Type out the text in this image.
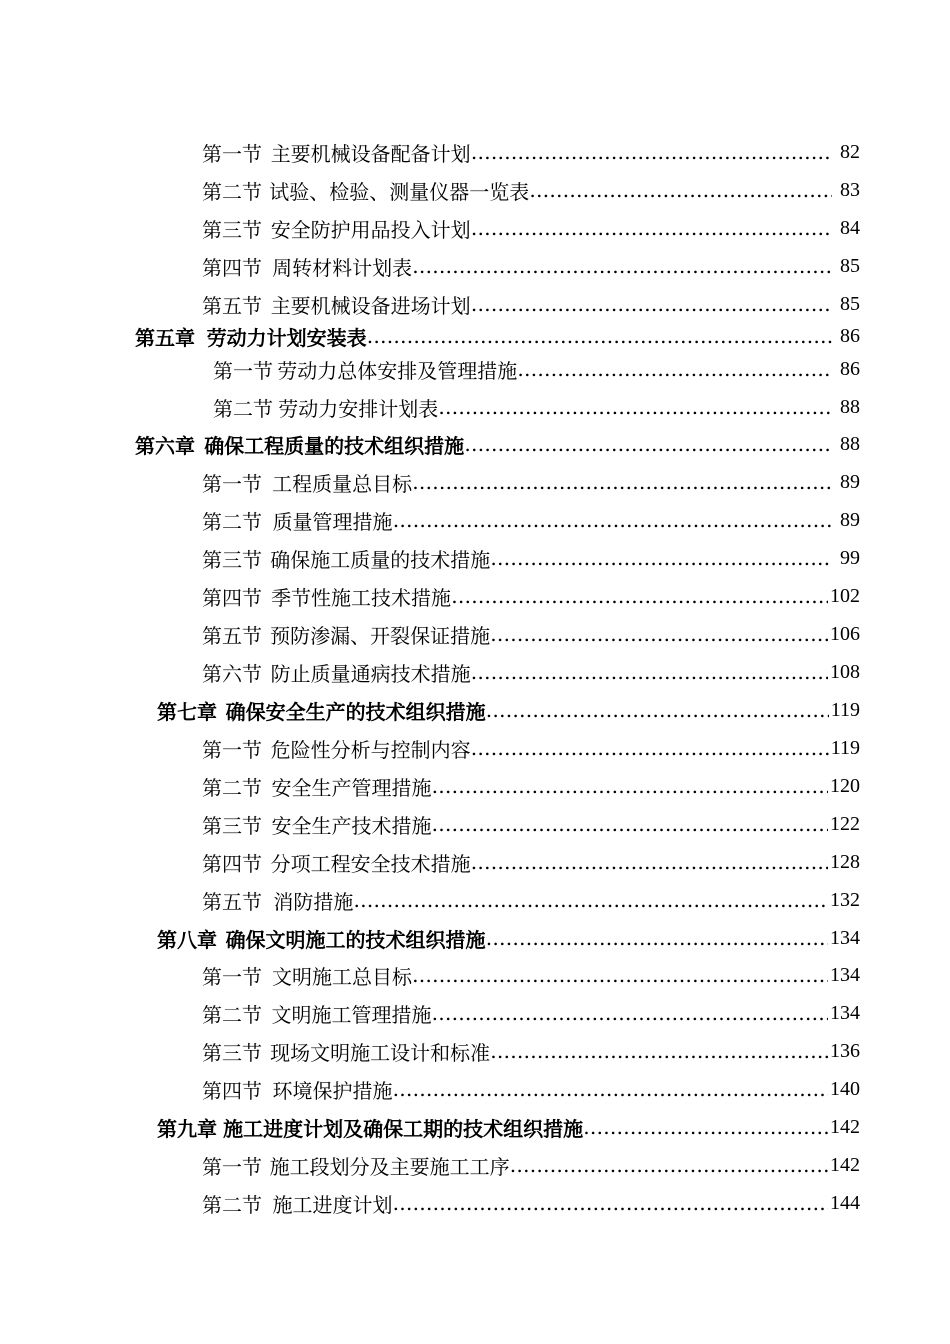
第一节 主要机械设备配备计划 …………………………………………………………………………………………………………………………………………	82
第二节 试验、检验、测量仪器一览表 …………………………………………………………………………………………………………………………………………	83
第三节 安全防护用品投入计划 …………………………………………………………………………………………………………………………………………	84
第四节 周转材料计划表 …………………………………………………………………………………………………………………………………………	85
第五节 主要机械设备进场计划 …………………………………………………………………………………………………………………………………………	85
第五章 劳动力计划安装表 …………………………………………………………………………………………………………………………………………	86
第一节 劳动力总体安排及管理措施 …………………………………………………………………………………………………………………………………………	86
第二节 劳动力安排计划表 …………………………………………………………………………………………………………………………………………	88
第六章 确保工程质量的技术组织措施 …………………………………………………………………………………………………………………………………………	88
第一节 工程质量总目标 …………………………………………………………………………………………………………………………………………	89
第二节 质量管理措施 …………………………………………………………………………………………………………………………………………	89
第三节 确保施工质量的技术措施 …………………………………………………………………………………………………………………………………………	99
第四节 季节性施工技术措施 …………………………………………………………………………………………………………………………………………	102
第五节 预防渗漏、开裂保证措施 …………………………………………………………………………………………………………………………………………	106
第六节 防止质量通病技术措施 …………………………………………………………………………………………………………………………………………	108
第七章 确保安全生产的技术组织措施 …………………………………………………………………………………………………………………………………………	119
第一节 危险性分析与控制内容 …………………………………………………………………………………………………………………………………………	119
第二节 安全生产管理措施 …………………………………………………………………………………………………………………………………………	120
第三节 安全生产技术措施 …………………………………………………………………………………………………………………………………………	122
第四节 分项工程安全技术措施 …………………………………………………………………………………………………………………………………………	128
第五节 消防措施 …………………………………………………………………………………………………………………………………………	132
第八章 确保文明施工的技术组织措施 …………………………………………………………………………………………………………………………………………	134
第一节 文明施工总目标 …………………………………………………………………………………………………………………………………………	134
第二节 文明施工管理措施 …………………………………………………………………………………………………………………………………………	134
第三节 现场文明施工设计和标准 …………………………………………………………………………………………………………………………………………	136
第四节 环境保护措施 …………………………………………………………………………………………………………………………………………	140
第九章 施工进度计划及确保工期的技术组织措施 …………………………………………………………………………………………………………………………………………	142
第一节 施工段划分及主要施工工序 …………………………………………………………………………………………………………………………………………	142
第二节 施工进度计划 …………………………………………………………………………………………………………………………………………	144
